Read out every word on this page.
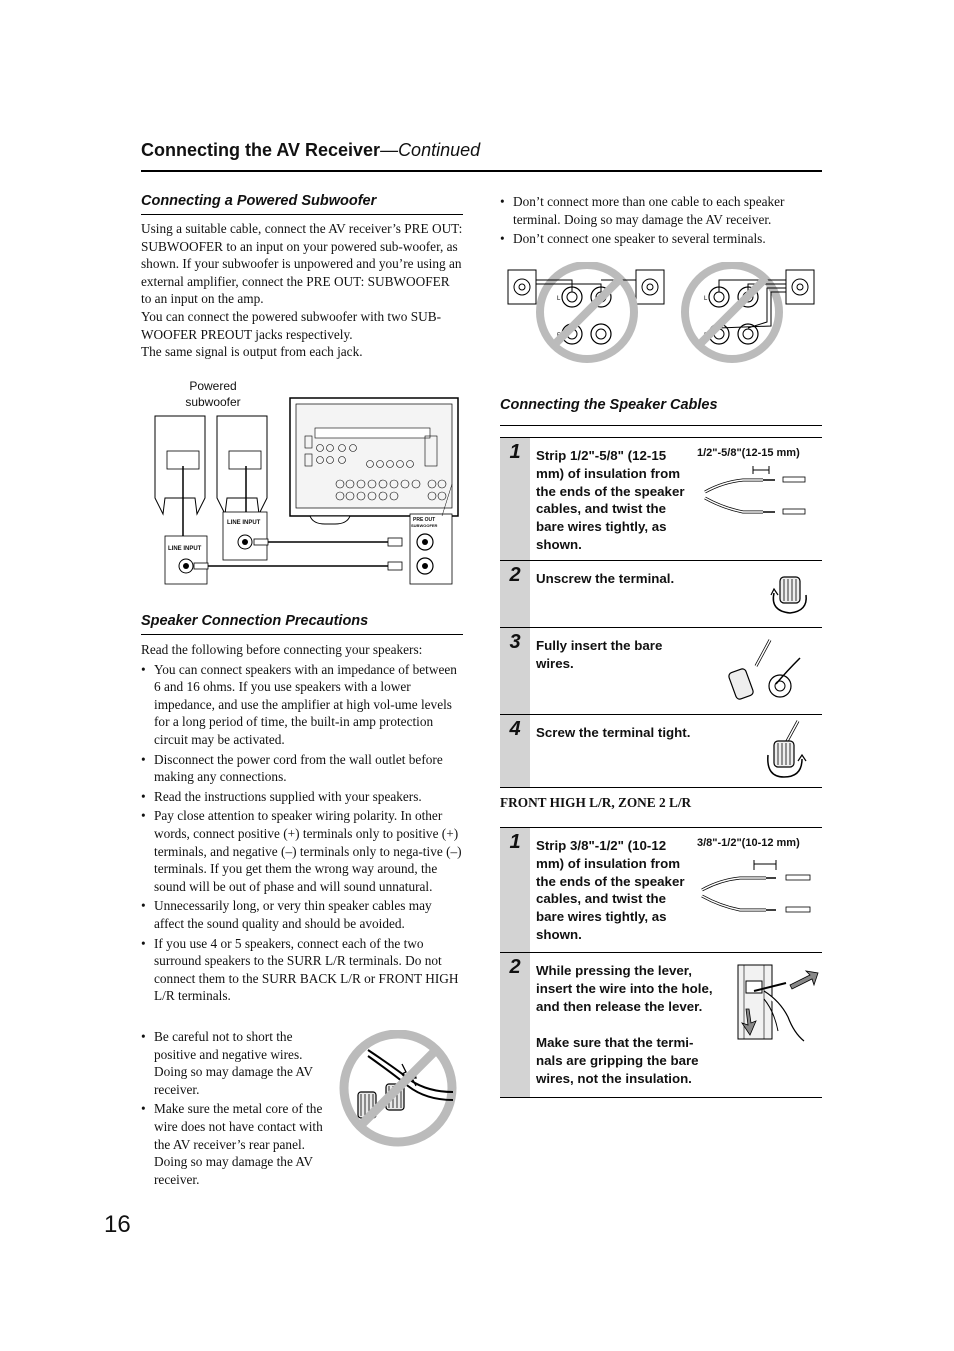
Connecting the AV Receiver—Continued
Connecting a Powered Subwoofer

Using a suitable cable, connect the AV receiver’s PRE OUT: SUBWOOFER to an input on your powered sub-woofer, as shown. If your subwoofer is unpowered and you’re using an external amplifier, connect the PRE OUT: SUBWOOFER to an input on the amp.

You can connect the powered subwoofer with two SUB-WOOFER PREOUT jacks respectively.

The same signal is output from each jack.

Powered
subwoofer
LINE INPUT
LINE INPUT	PRE OUT
SUBWOOFER
Speaker Connection Precautions

Read the following before connecting your speakers:

• You can connect speakers with an impedance of between 6 and 16 ohms. If you use speakers with a lower impedance, and use the amplifier at high vol-ume levels for a long period of time, the built-in amp protection circuit may be activated.
• Disconnect the power cord from the wall outlet before making any connections.
• Read the instructions supplied with your speakers.
• Pay close attention to speaker wiring polarity. In other words, connect positive (+) terminals only to positive (+) terminals, and negative (–) terminals only to nega-tive (–) terminals. If you get them the wrong way around, the sound will be out of phase and will sound unnatural.
• Unnecessarily long, or very thin speaker cables may affect the sound quality and should be avoided.
• If you use 4 or 5 speakers, connect each of the two surround speakers to the SURR L/R terminals. Do not connect them to the SURR BACK L/R or FRONT HIGH L/R terminals.
• Be careful not to short the positive and negative wires. Doing so may damage the AV receiver.
• Make sure the metal core of the wire does not have contact with the AV receiver’s rear panel. Doing so may damage the AV receiver.
• Don’t connect more than one cable to each speaker terminal. Doing so may damage the AV receiver.
• Don’t connect one speaker to several terminals.
L	L
Connecting the Speaker Cables
1	Strip 1/2"-5/8" (12-15 mm) of insulation from the ends of the speaker cables, and twist the bare wires tightly, as shown.
1/2"-5/8"(12-15 mm)
2	Unscrew the terminal.
3	Fully insert the bare wires.
4	Screw the terminal tight.
FRONT HIGH L/R, ZONE 2 L/R
1	Strip 3/8"-1/2" (10-12 mm) of insulation from the ends of the speaker cables, and twist the bare wires tightly, as shown.
3/8"-1/2"(10-12 mm)
2	While pressing the lever, insert the wire into the hole, and then release the lever.
Make sure that the termi-nals are gripping the bare wires, not the insulation.
16
